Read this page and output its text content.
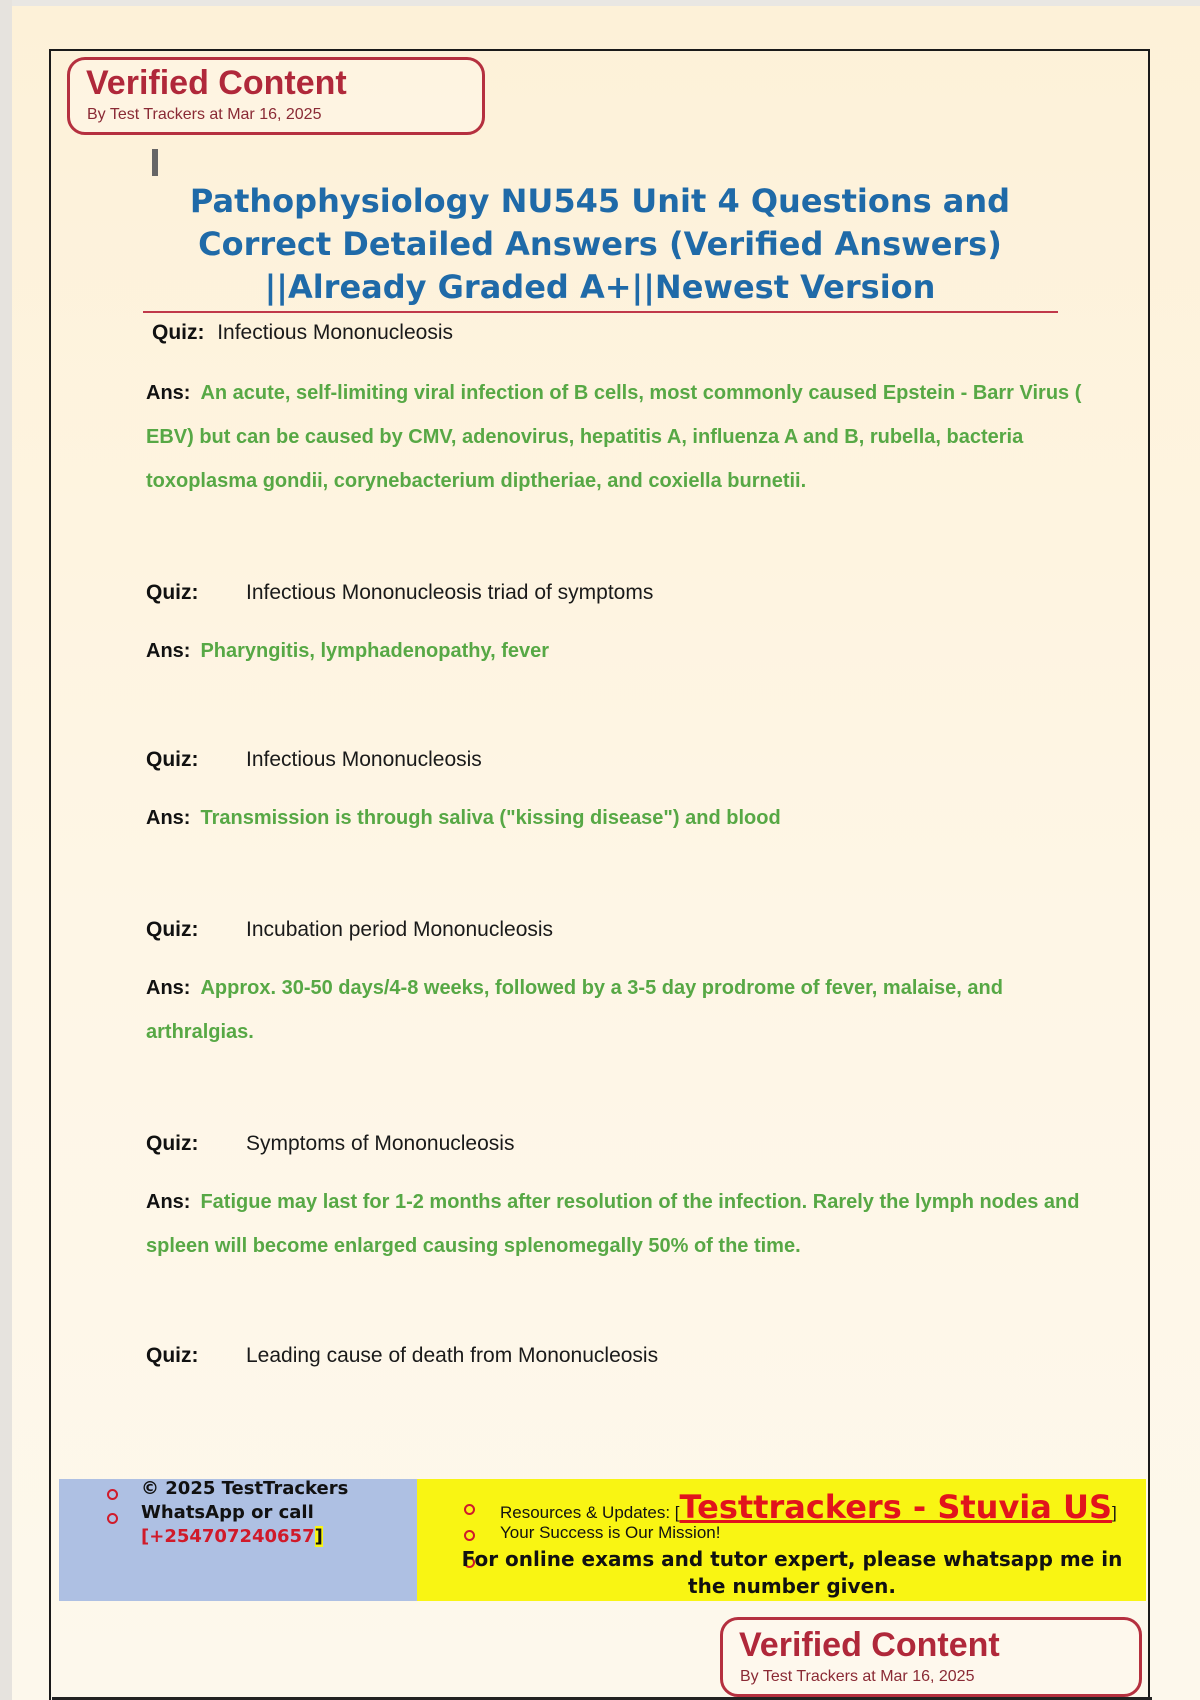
Verified Content
By Test Trackers at Mar 16, 2025
Pathophysiology NU545 Unit 4 Questions and
Correct Detailed Answers (Verified Answers)
||Already Graded A+||Newest Version
Quiz: Infectious Mononucleosis
Ans: An acute, self-limiting viral infection of B cells, most commonly caused Epstein - Barr Virus ( EBV) but can be caused by CMV, adenovirus, hepatitis A, influenza A and B, rubella, bacteria toxoplasma gondii, corynebacterium diptheriae, and coxiella burnetii.
Quiz: Infectious Mononucleosis triad of symptoms
Ans: Pharyngitis, lymphadenopathy, fever
Quiz: Infectious Mononucleosis
Ans: Transmission is through saliva ("kissing disease") and blood
Quiz: Incubation period Mononucleosis
Ans: Approx. 30-50 days/4-8 weeks, followed by a 3-5 day prodrome of fever, malaise, and arthralgias.
Quiz: Symptoms of Mononucleosis
Ans: Fatigue may last for 1-2 months after resolution of the infection. Rarely the lymph nodes and spleen will become enlarged causing splenomegally 50% of the time.
Quiz: Leading cause of death from Mononucleosis
© 2025 TestTrackers
WhatsApp or call
[+254707240657]
Resources & Updates: [Testtrackers - Stuvia US]
Your Success is Our Mission!
For online exams and tutor expert, please whatsapp me in the number given.
Verified Content
By Test Trackers at Mar 16, 2025
